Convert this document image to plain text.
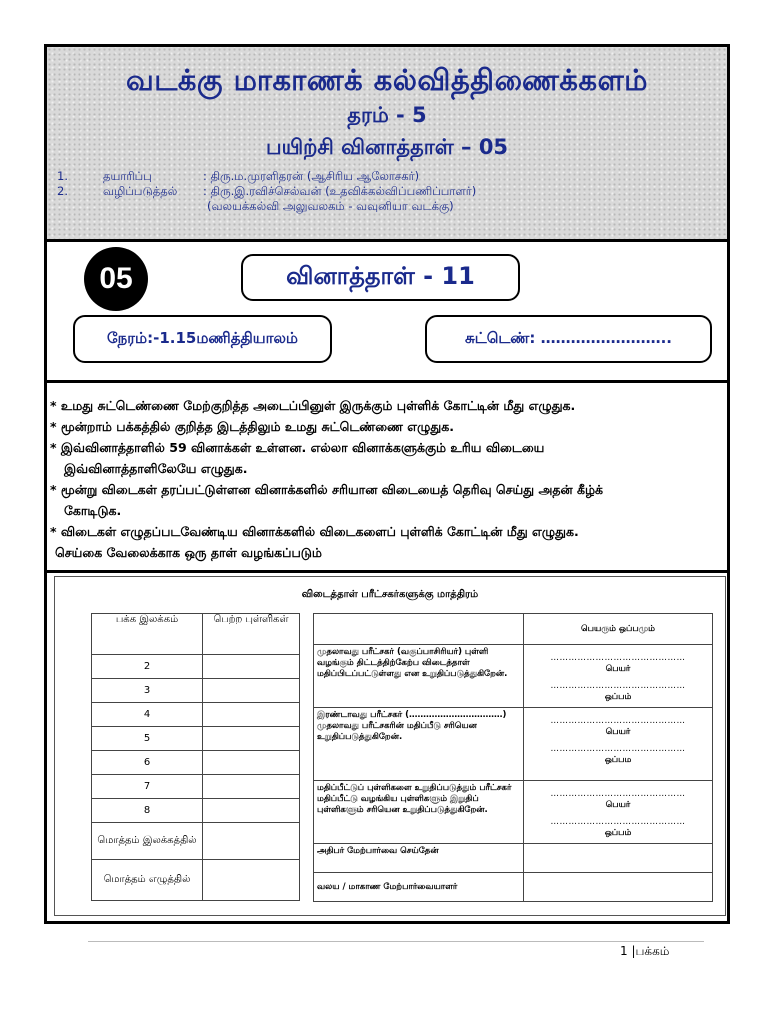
வடக்கு மாகாணக் கல்வித்திணைக்களம்
தரம் - 5
பயிற்சி வினாத்தாள் – 05
1.	தயாரிப்பு	: திரு.ம.முரளிதரன் (ஆசிரிய ஆலோசகர்)
2.	வழிப்படுத்தல் : திரு.இ.ரவிச்செல்வன் (உதவிக்கல்விப்பணிப்பாளர்)
(வலயக்கல்வி அலுவலகம் - வவுனியா வடக்கு)
05	வினாத்தாள் - 11
நேரம்:-1.15மணித்தியாலம்	சுட்டெண்: ……………………..
* உமது சுட்டெண்ணை மேற்குறித்த அடைப்பினுள் இருக்கும் புள்ளிக் கோட்டின் மீது எழுதுக.
* மூன்றாம் பக்கத்தில் குறித்த இடத்திலும் உமது சுட்டெண்ணை எழுதுக.
* இவ்வினாத்தாளில் 59 வினாக்கள் உள்ளன. எல்லா வினாக்களுக்கும் உரிய விடையை
இவ்வினாத்தாளிலேயே எழுதுக.
* மூன்று விடைகள் தரப்பட்டுள்ளன வினாக்களில் சரியான விடையைத் தெரிவு செய்து அதன் கீழ்க்
கோடிடுக.
* விடைகள் எழுதப்படவேண்டிய வினாக்களில் விடைகளைப் புள்ளிக் கோட்டின் மீது எழுதுக.
செய்கை வேலைக்காக ஒரு தாள் வழங்கப்படும்
விடைத்தாள் பரீட்சகர்களுக்கு மாத்திரம்
பக்க இலக்கம்	பெற்ற புள்ளிகள்
2	
3	
4	
5	
6	
7	
8	
மொத்தம் இலக்கத்தில்	
மொத்தம் எழுத்தில்	
	பெயரும் ஒப்பமும்
முதலாவது பரீட்சகர் (வகுப்பாசிரியர்) புள்ளி வழங்கும் திட்டத்திற்கேற்ப விடைத்தாள் மதிப்பிடப்பட்டுள்ளது என உறுதிப்படுத்துகிறேன்.	………………………………………
பெயர்
………………………………………
ஒப்பம்
இரண்டாவது பரீட்சகர் (……………………………) முதலாவது பரீட்சகரின் மதிப்பீடு சரியென உறுதிப்படுத்துகிறேன்.	………………………………………
பெயர்
………………………………………
ஒப்பம
மதிப்பீட்டுப் புள்ளிகளை உறுதிப்படுத்தும் பரீட்சகர் மதிப்பீட்டு வழங்கிய புள்ளிகளும் இறுதிப் புள்ளிகளும் சரியென உறுதிப்படுத்துகிறேன்.	………………………………………
பெயர்
………………………………………
ஒப்பம்
அதிபர் மேற்பார்வை செய்தேன்	
வலய / மாகாண மேற்பார்வையாளர்	
1 |பக்கம்
